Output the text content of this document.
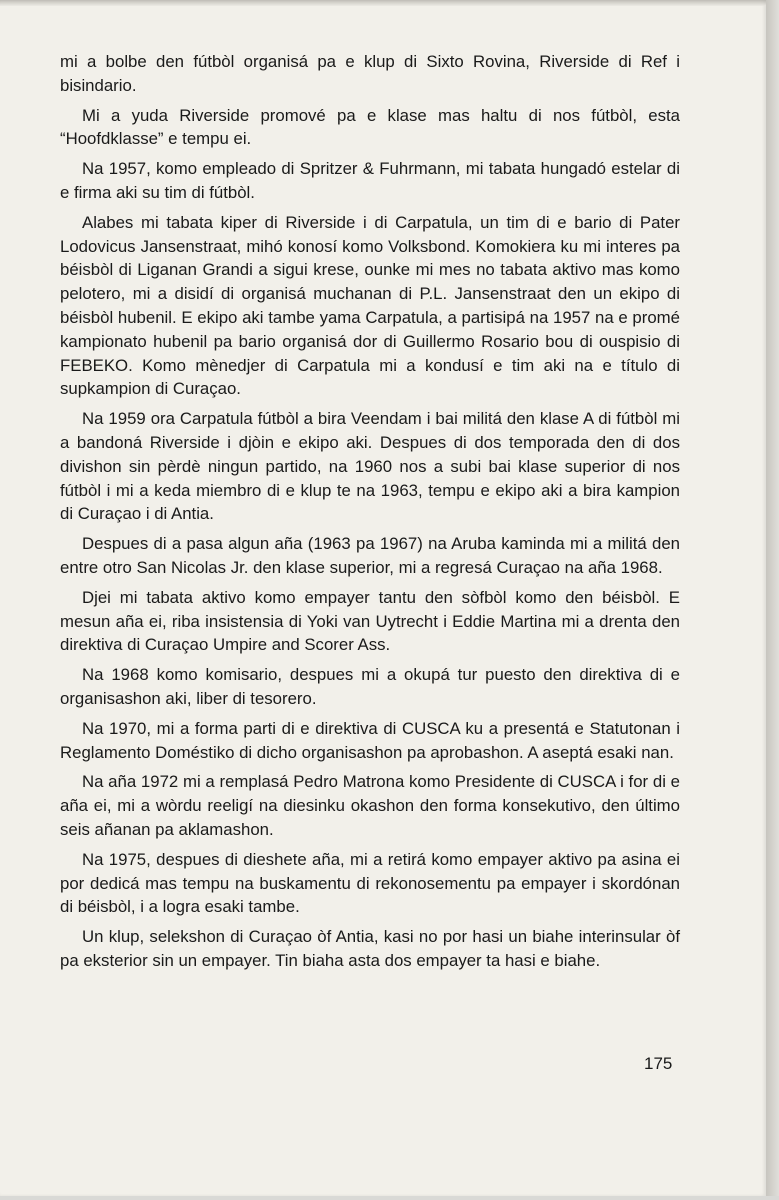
mi a bolbe den fútbòl organisá pa e klup di Sixto Rovina, Riverside di Ref i bisindario.

Mi a yuda Riverside promové pa e klase mas haltu di nos fútbòl, esta “Hoofdklasse” e tempu ei.

Na 1957, komo empleado di Spritzer & Fuhrmann, mi tabata hungadó estelar di e firma aki su tim di fútbòl.

Alabes mi tabata kiper di Riverside i di Carpatula, un tim di e bario di Pater Lodovicus Jansenstraat, mihó konosí komo Volksbond. Komokiera ku mi interes pa béisbòl di Liganan Grandi a sigui krese, ounke mi mes no tabata aktivo mas komo pelotero, mi a disidí di organisá muchanan di P.L. Jansenstraat den un ekipo di béisbòl hubenil. E ekipo aki tambe yama Carpatula, a partisipá na 1957 na e promé kampionato hubenil pa bario organisá dor di Guillermo Rosario bou di ouspisio di FEBEKO. Komo mènedjer di Carpatula mi a kondusí e tim aki na e título di supkampion di Curaçao.

Na 1959 ora Carpatula fútbòl a bira Veendam i bai militá den klase A di fútbòl mi a bandoná Riverside i djòin e ekipo aki. Despues di dos temporada den di dos divishon sin pèrdè ningun partido, na 1960 nos a subi bai klase superior di nos fútbòl i mi a keda miembro di e klup te na 1963, tempu e ekipo aki a bira kampion di Curaçao i di Antia.

Despues di a pasa algun aña (1963 pa 1967) na Aruba kaminda mi a militá den entre otro San Nicolas Jr. den klase superior, mi a regresá Curaçao na aña 1968.

Djei mi tabata aktivo komo empayer tantu den sòfbòl komo den béisbòl. E mesun aña ei, riba insistensia di Yoki van Uytrecht i Eddie Martina mi a drenta den direktiva di Curaçao Umpire and Scorer Ass.

Na 1968 komo komisario, despues mi a okupá tur puesto den direktiva di e organisashon aki, liber di tesorero.

Na 1970, mi a forma parti di e direktiva di CUSCA ku a presentá e Statutonan i Reglamento Doméstiko di dicho organisashon pa aprobashon. A aseptá esaki nan.

Na aña 1972 mi a remplasá Pedro Matrona komo Presidente di CUSCA i for di e aña ei, mi a wòrdu reeligí na diesinku okashon den forma konsekutivo, den último seis añanan pa aklamashon.

Na 1975, despues di dieshete aña, mi a retirá komo empayer aktivo pa asina ei por dedicá mas tempu na buskamentu di rekonosementu pa empayer i skordónan di béisbòl, i a logra esaki tambe.

Un klup, selekshon di Curaçao òf Antia, kasi no por hasi un biahe interinsular òf pa eksterior sin un empayer. Tin biaha asta dos empayer ta hasi e biahe.

175
